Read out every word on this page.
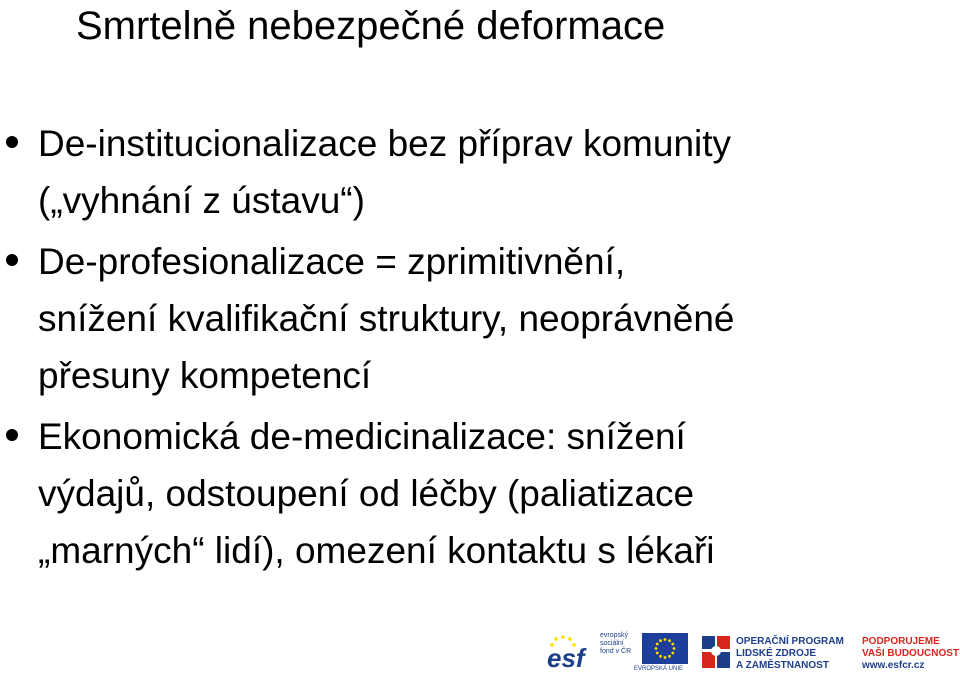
Smrtelně nebezpečné deformace
De-institucionalizace bez příprav komunity
(„vyhnání z ústavu“)
De-profesionalizace = zprimitivnění,
snížení kvalifikační struktury, neoprávněné
přesuny kompetencí
Ekonomická de-medicinalizace: snížení
výdajů, odstoupení od léčby (paliatizace
„marných“ lidí), omezení kontaktu s lékaři
esf
evropský
sociální
fond v ČR
EVROPSKÁ UNIE
OPERAČNÍ PROGRAM
LIDSKÉ ZDROJE
A ZAMĚSTNANOST
PODPORUJEME
VAŠI BUDOUCNOST
www.esfcr.cz
